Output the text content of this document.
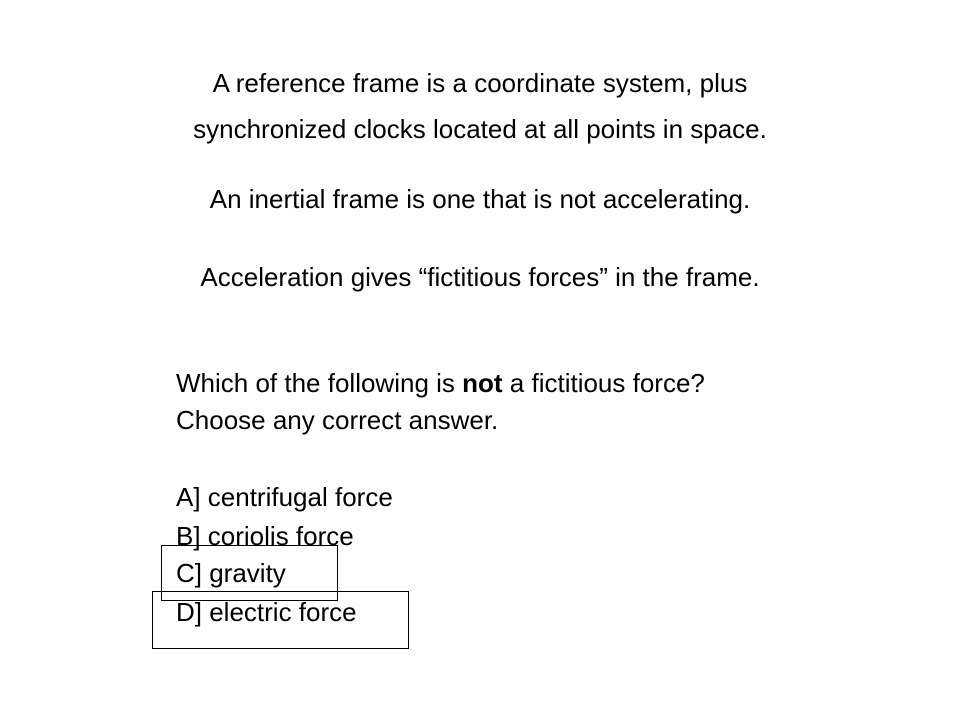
A reference frame is a coordinate system, plus
synchronized clocks located at all points in space.
An inertial frame is one that is not accelerating.
Acceleration gives “fictitious forces” in the frame.
Which of the following is not a fictitious force?
Choose any correct answer.
A] centrifugal force
B] coriolis force
C] gravity
D] electric force
